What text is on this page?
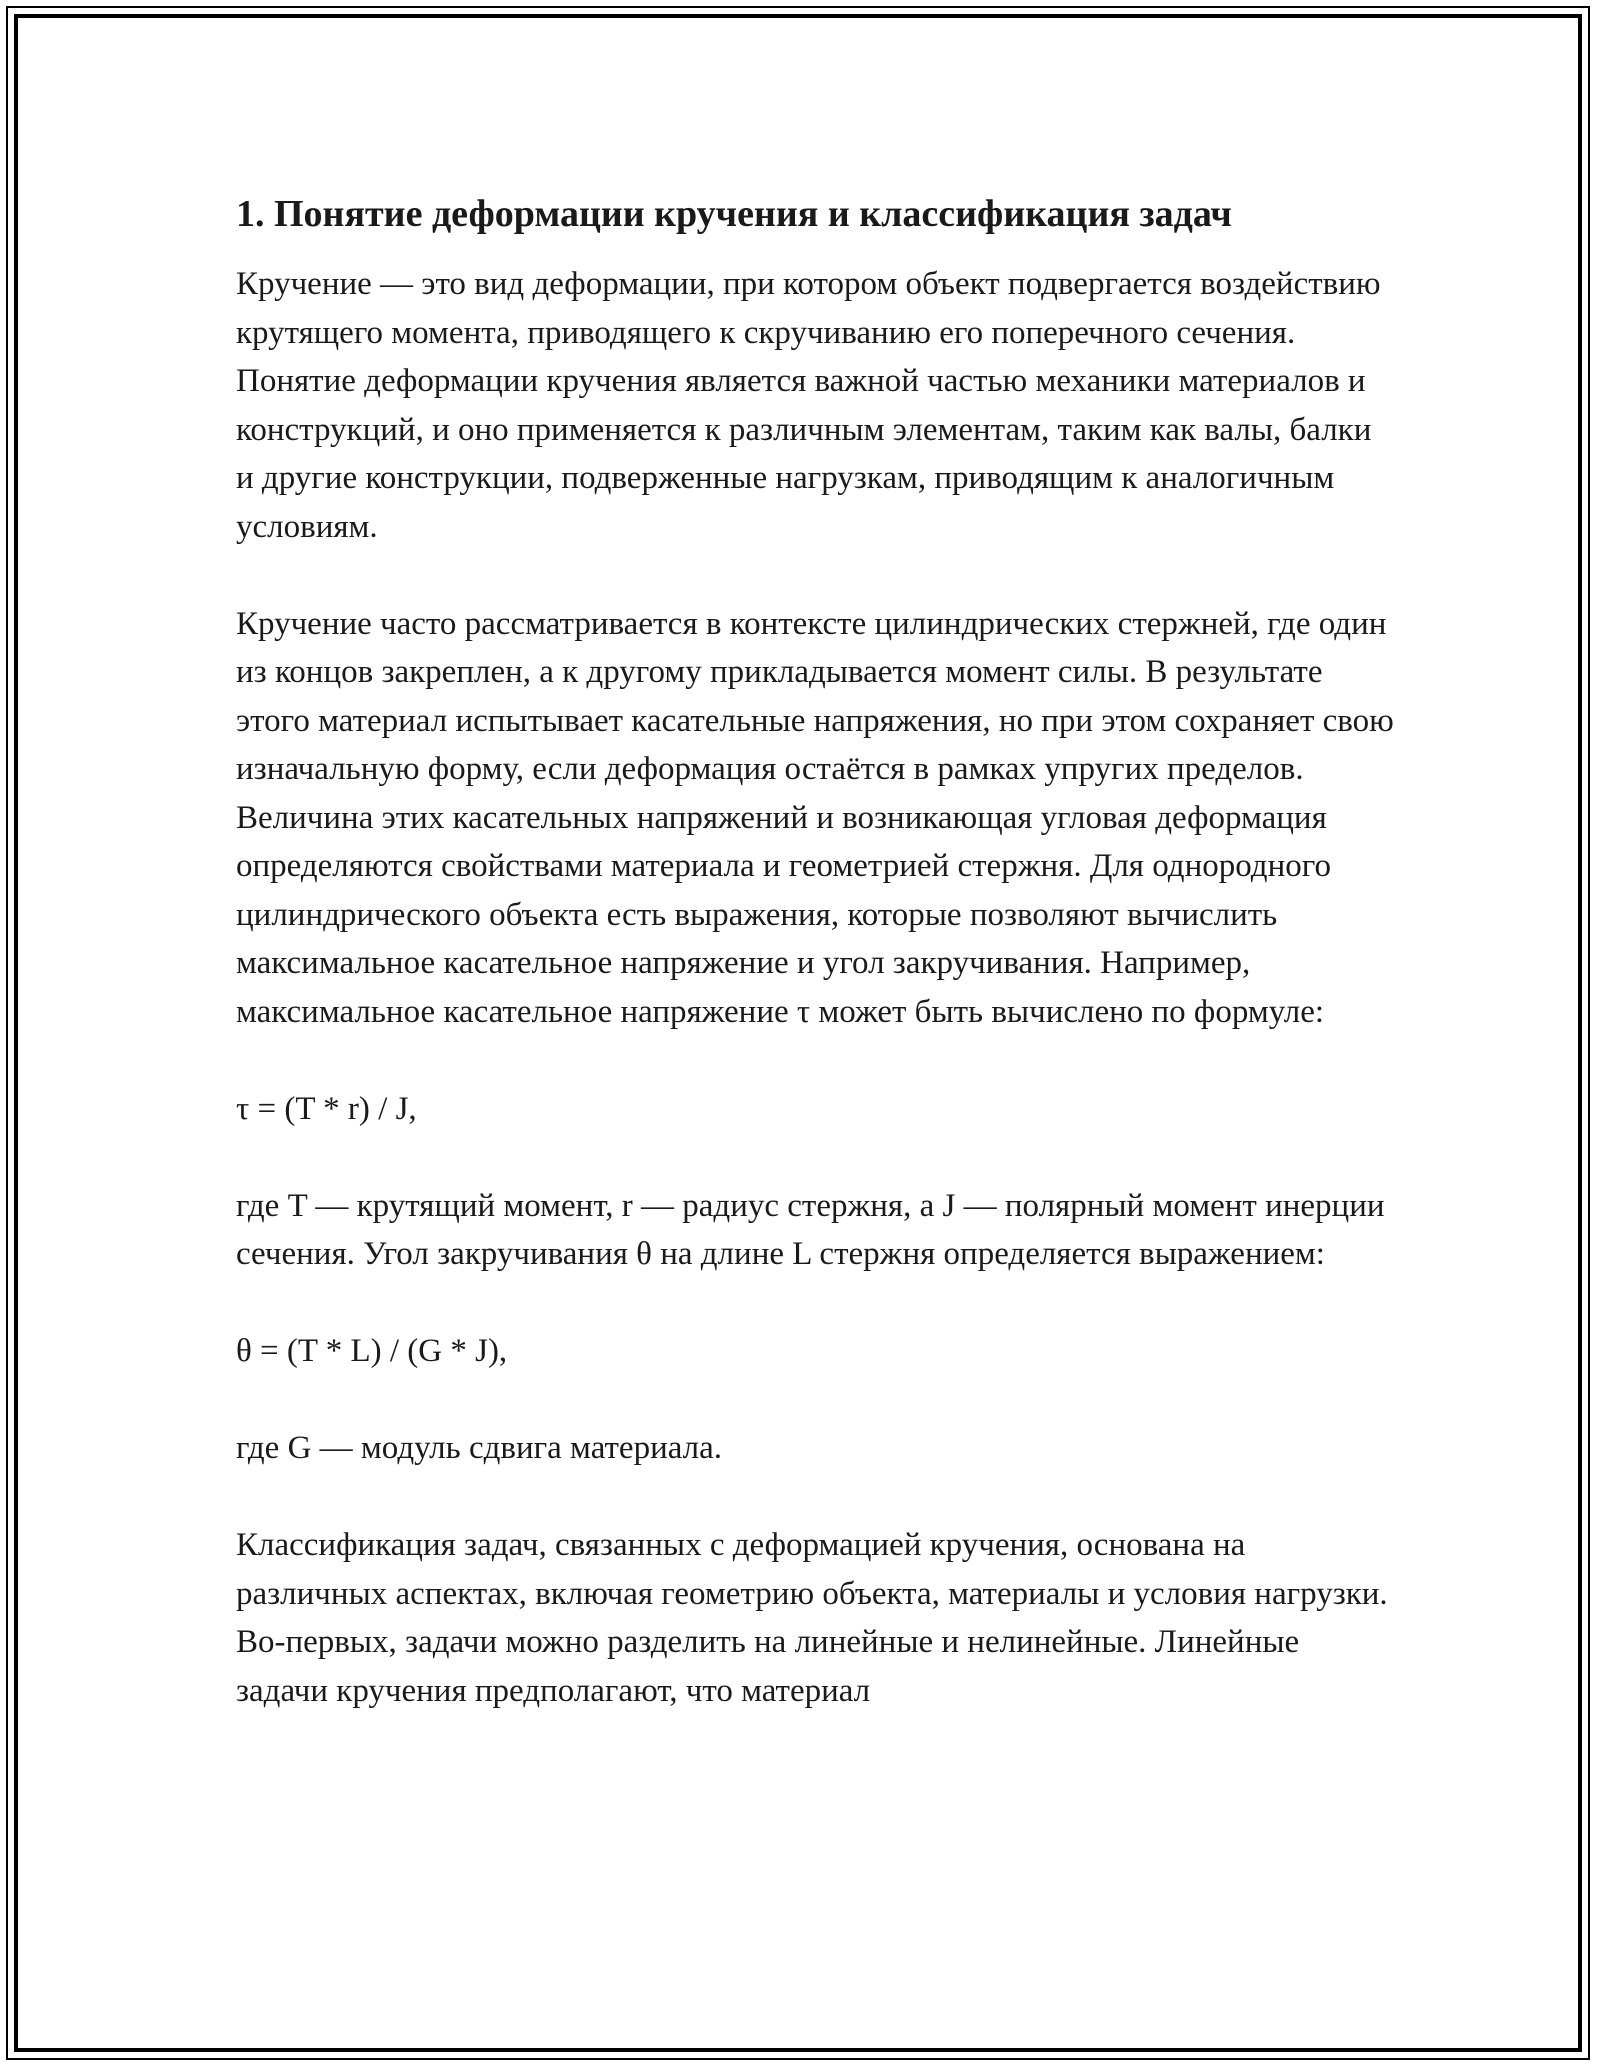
1. Понятие деформации кручения и классификация задач

Кручение — это вид деформации, при котором объект подвергается воздействию крутящего момента, приводящего к скручиванию его поперечного сечения. Понятие деформации кручения является важной частью механики материалов и конструкций, и оно применяется к различным элементам, таким как валы, балки и другие конструкции, подверженные нагрузкам, приводящим к аналогичным условиям.

Кручение часто рассматривается в контексте цилиндрических стержней, где один из концов закреплен, а к другому прикладывается момент силы. В результате этого материал испытывает касательные напряжения, но при этом сохраняет свою изначальную форму, если деформация остаётся в рамках упругих пределов. Величина этих касательных напряжений и возникающая угловая деформация определяются свойствами материала и геометрией стержня. Для однородного цилиндрического объекта есть выражения, которые позволяют вычислить максимальное касательное напряжение и угол закручивания. Например, максимальное касательное напряжение τ может быть вычислено по формуле:

τ = (T * r) / J,

где T — крутящий момент, r — радиус стержня, а J — полярный момент инерции сечения. Угол закручивания θ на длине L стержня определяется выражением:

θ = (T * L) / (G * J),

где G — модуль сдвига материала.

Классификация задач, связанных с деформацией кручения, основана на различных аспектах, включая геометрию объекта, материалы и условия нагрузки. Во-первых, задачи можно разделить на линейные и нелинейные. Линейные задачи кручения предполагают, что материал
